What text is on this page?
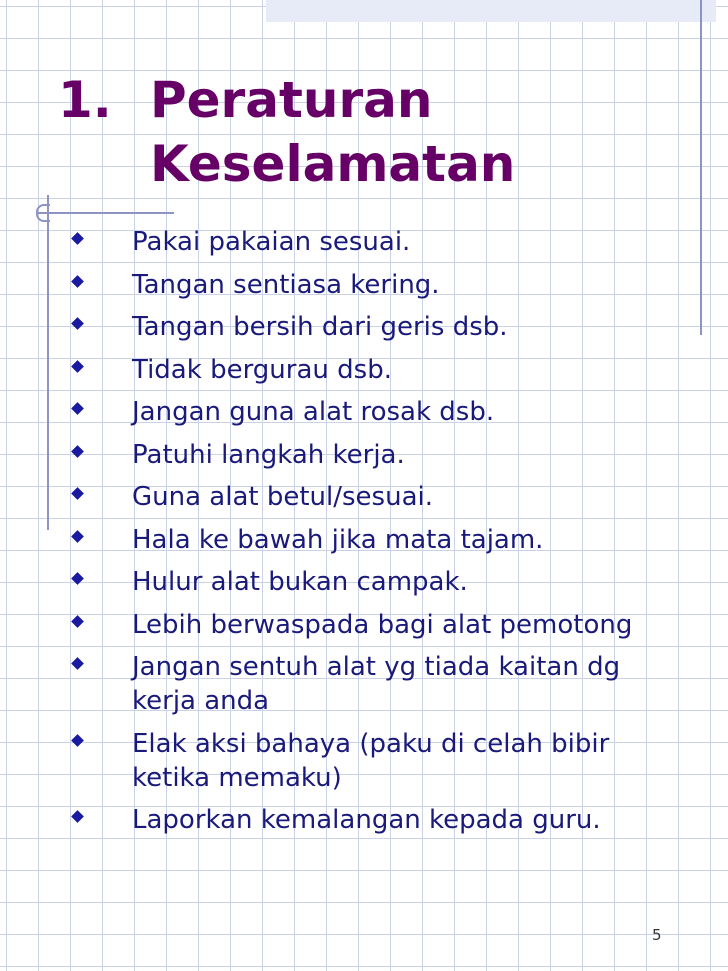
1. Peraturan
Keselamatan
Pakai pakaian sesuai.
Tangan sentiasa kering.
Tangan bersih dari geris dsb.
Tidak bergurau dsb.
Jangan guna alat rosak dsb.
Patuhi langkah kerja.
Guna alat betul/sesuai.
Hala ke bawah jika mata tajam.
Hulur alat bukan campak.
Lebih berwaspada bagi alat pemotong
Jangan sentuh alat yg tiada kaitan dg kerja anda
Elak aksi bahaya (paku di celah bibir ketika memaku)
Laporkan kemalangan kepada guru.
5
